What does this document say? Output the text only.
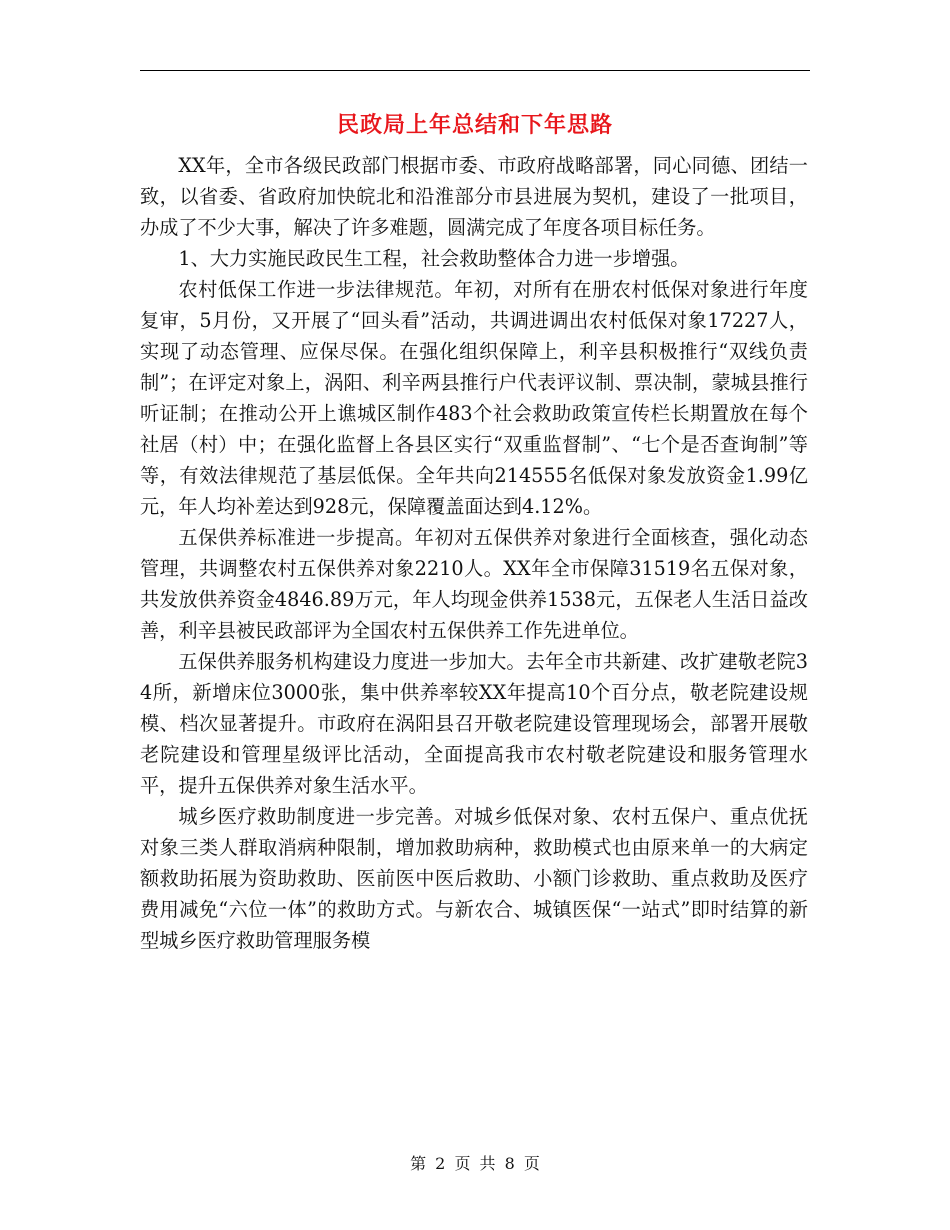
民政局上年总结和下年思路

XX年，全市各级民政部门根据市委、市政府战略部署，同心同德、团结一致，以省委、省政府加快皖北和沿淮部分市县进展为契机，建设了一批项目，办成了不少大事，解决了许多难题，圆满完成了年度各项目标任务。

1、大力实施民政民生工程，社会救助整体合力进一步增强。

农村低保工作进一步法律规范。年初，对所有在册农村低保对象进行年度复审，5月份，又开展了“回头看”活动，共调进调出农村低保对象17227人，实现了动态管理、应保尽保。在强化组织保障上，利辛县积极推行“双线负责制”；在评定对象上，涡阳、利辛两县推行户代表评议制、票决制，蒙城县推行听证制；在推动公开上谯城区制作483个社会救助政策宣传栏长期置放在每个社居（村）中；在强化监督上各县区实行“双重监督制”、“七个是否查询制”等等，有效法律规范了基层低保。全年共向214555名低保对象发放资金1.99亿元，年人均补差达到928元，保障覆盖面达到4.12%。

五保供养标准进一步提高。年初对五保供养对象进行全面核查，强化动态管理，共调整农村五保供养对象2210人。XX年全市保障31519名五保对象，共发放供养资金4846.89万元，年人均现金供养1538元，五保老人生活日益改善，利辛县被民政部评为全国农村五保供养工作先进单位。

五保供养服务机构建设力度进一步加大。去年全市共新建、改扩建敬老院34所，新增床位3000张，集中供养率较XX年提高10个百分点，敬老院建设规模、档次显著提升。市政府在涡阳县召开敬老院建设管理现场会，部署开展敬老院建设和管理星级评比活动，全面提高我市农村敬老院建设和服务管理水平，提升五保供养对象生活水平。

城乡医疗救助制度进一步完善。对城乡低保对象、农村五保户、重点优抚对象三类人群取消病种限制，增加救助病种，救助模式也由原来单一的大病定额救助拓展为资助救助、医前医中医后救助、小额门诊救助、重点救助及医疗费用减免“六位一体”的救助方式。与新农合、城镇医保“一站式”即时结算的新型城乡医疗救助管理服务模

第 2 页 共 8 页
